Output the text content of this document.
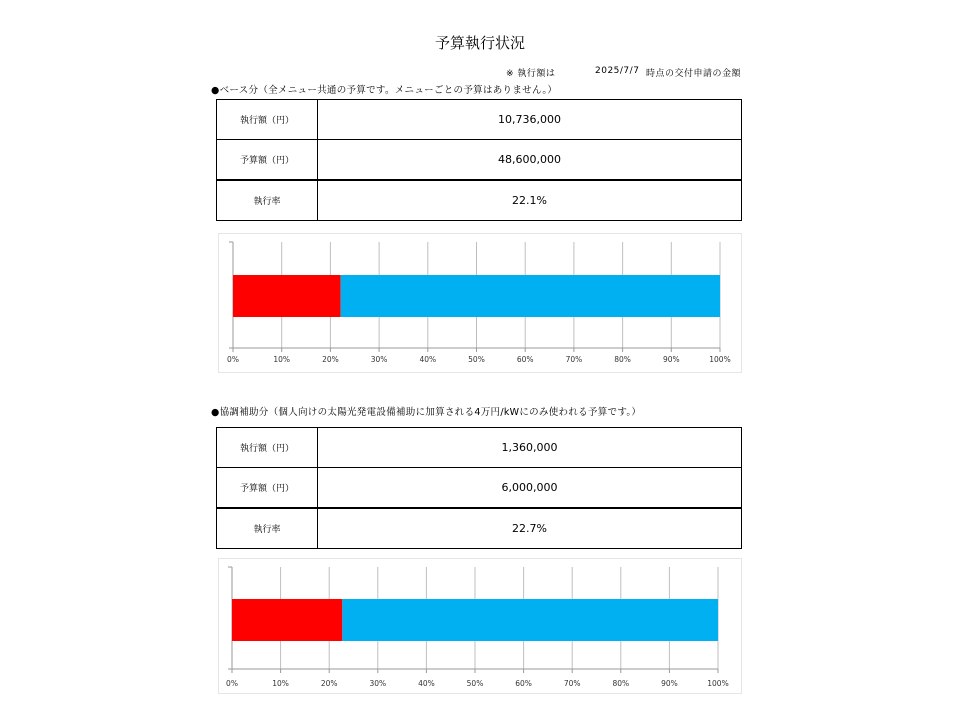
予算執行状況
※ 執行額は	2025/7/7 時点の交付申請の金額
●ベース分（全メニュー共通の予算です。メニューごとの予算はありません。）
執行額（円）	10,736,000
予算額（円）	48,600,000
執行率	22.1%
0%	10%	20%	30%	40%	50%	60%	70%	80%	90%	100%
●協調補助分（個人向けの太陽光発電設備補助に加算される4万円/kWにのみ使われる予算です。）
執行額（円）	1,360,000
予算額（円）	6,000,000
執行率	22.7%
0%	10%	20%	30%	40%	50%	60%	70%	80%	90%	100%
